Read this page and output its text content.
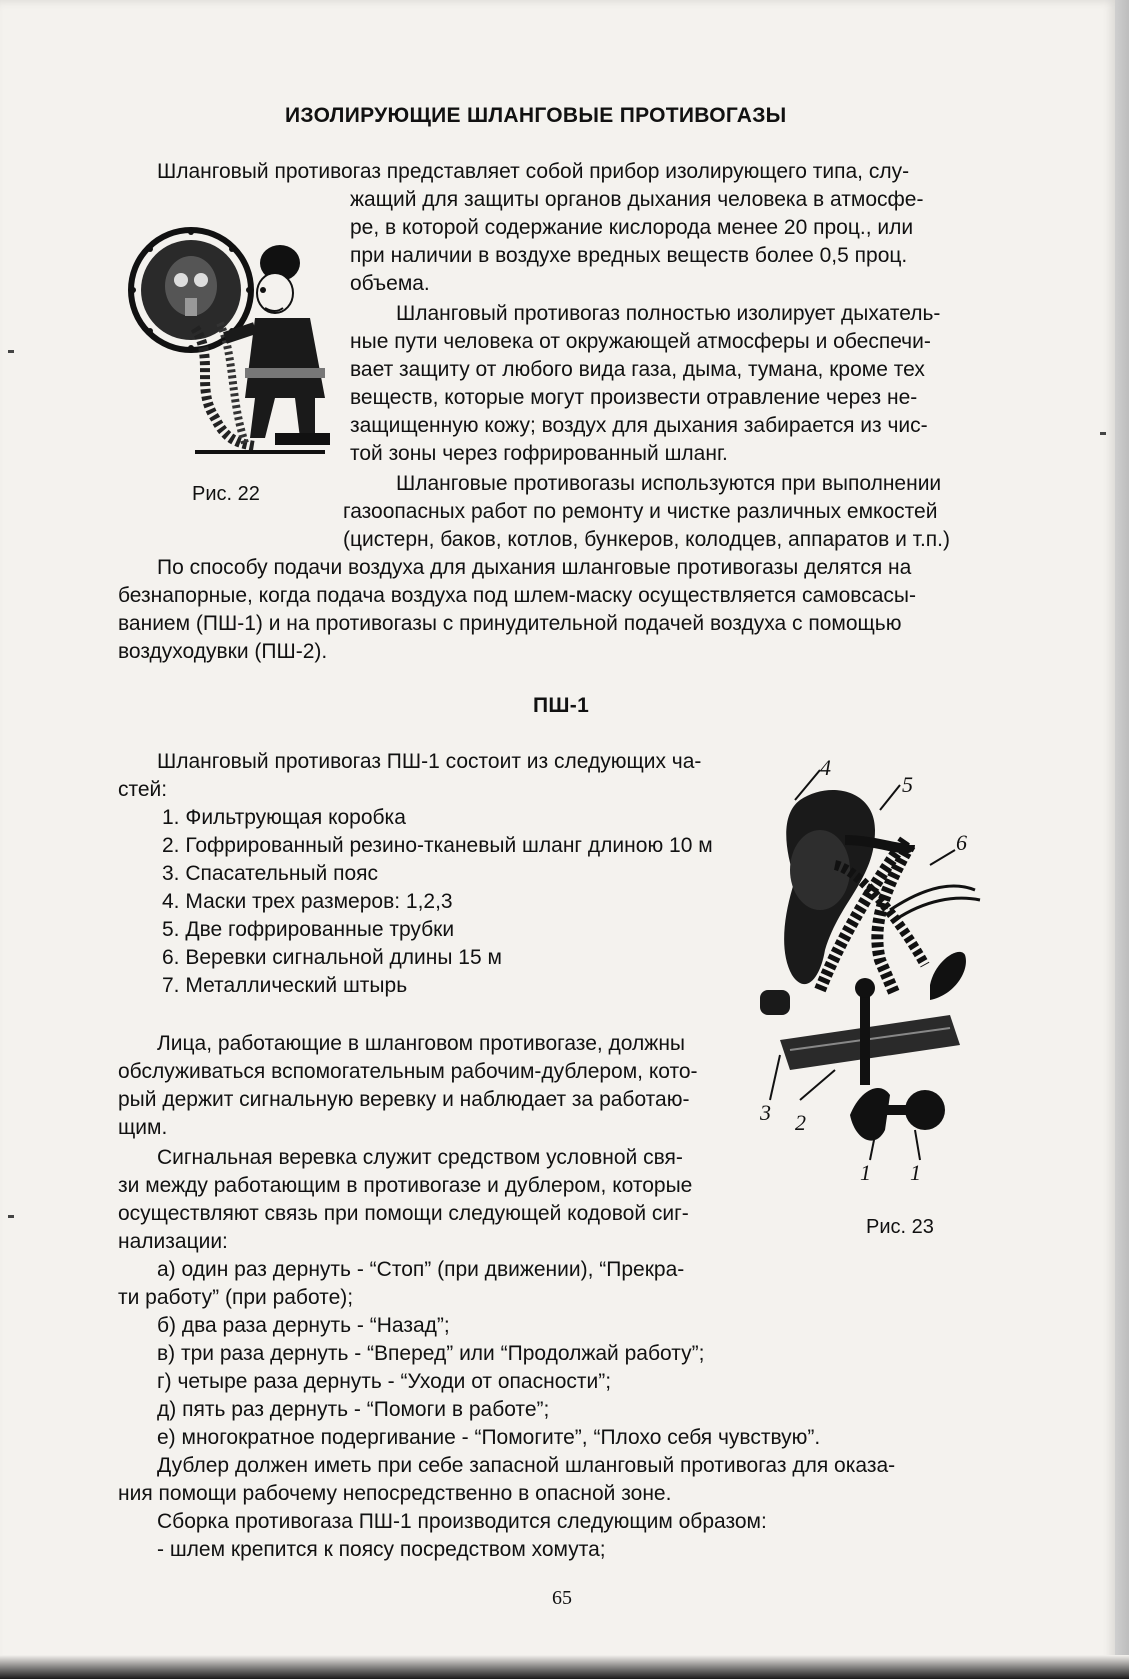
ИЗОЛИРУЮЩИЕ ШЛАНГОВЫЕ ПРОТИВОГАЗЫ
Шланговый противогаз представляет собой прибор изолирующего типа, слу-
жащий для защиты органов дыхания человека в атмосфе-
ре, в которой содержание кислорода менее 20 проц., или
при наличии в воздухе вредных веществ более 0,5 проц.
объема.
Шланговый противогаз полностью изолирует дыхатель-
ные пути человека от окружающей атмосферы и обеспечи-
вает защиту от любого вида газа, дыма, тумана, кроме тех
веществ, которые могут произвести отравление через не-
защищенную кожу; воздух для дыхания забирается из чис-
той зоны через гофрированный шланг.
Шланговые противогазы используются при выполнении
газоопасных работ по ремонту и чистке различных емкостей
(цистерн, баков, котлов, бункеров, колодцев, аппаратов и т.п.)
По способу подачи воздуха для дыхания шланговые противогазы делятся на
безнапорные, когда подача воздуха под шлем-маску осуществляется самовсасы-
ванием (ПШ-1) и на противогазы с принудительной подачей воздуха с помощью
воздуходувки (ПШ-2).
Рис. 22
ПШ-1
Шланговый противогаз ПШ-1 состоит из следующих ча-
стей:
1. Фильтрующая коробка
2. Гофрированный резино-тканевый шланг длиною 10 м
3. Спасательный пояс
4. Маски трех размеров: 1,2,3
5. Две гофрированные трубки
6. Веревки сигнальной длины 15 м
7. Металлический штырь
4
5
6
3 2
1 1
Рис. 23
Лица, работающие в шланговом противогазе, должны
обслуживаться вспомогательным рабочим-дублером, кото-
рый держит сигнальную веревку и наблюдает за работаю-
щим.
Сигнальная веревка служит средством условной свя-
зи между работающим в противогазе и дублером, которые
осуществляют связь при помощи следующей кодовой сиг-
нализации:
а) один раз дернуть - “Стоп” (при движении), “Прекра-
ти работу” (при работе);
б) два раза дернуть - “Назад”;
в) три раза дернуть - “Вперед” или “Продолжай работу”;
г) четыре раза дернуть - “Уходи от опасности”;
д) пять раз дернуть - “Помоги в работе”;
е) многократное подергивание - “Помогите”, “Плохо себя чувствую”.
Дублер должен иметь при себе запасной шланговый противогаз для оказа-
ния помощи рабочему непосредственно в опасной зоне.
Сборка противогаза ПШ-1 производится следующим образом:
- шлем крепится к поясу посредством хомута;
65
